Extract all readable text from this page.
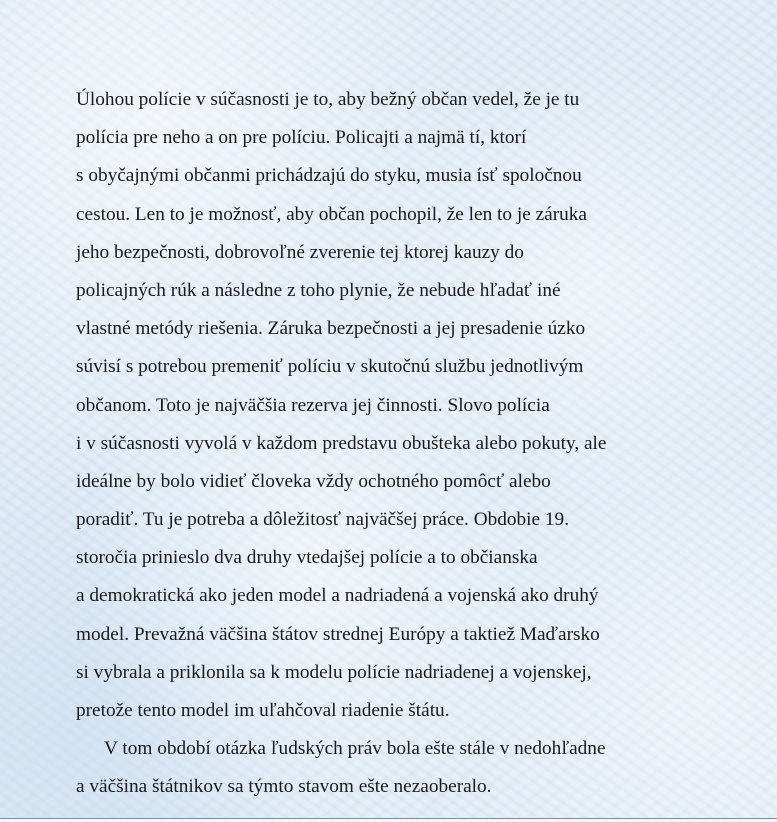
Úlohou polície v súčasnosti je to, aby bežný občan vedel, že je tu
polícia pre neho a on pre políciu. Policajti a najmä tí, ktorí
s obyčajnými občanmi prichádzajú do styku, musia ísť spoločnou
cestou. Len to je možnosť, aby občan pochopil, že len to je záruka
jeho bezpečnosti, dobrovoľné zverenie tej ktorej kauzy do
policajných rúk a následne z toho plynie, že nebude hľadať iné
vlastné metódy riešenia. Záruka bezpečnosti a jej presadenie úzko
súvisí s potrebou premeniť políciu v skutočnú službu jednotlivým
občanom. Toto je najväčšia rezerva jej činnosti. Slovo polícia
i v súčasnosti vyvolá v každom predstavu obušteka alebo pokuty, ale
ideálne by bolo vidieť človeka vždy ochotného pomôcť alebo
poradiť. Tu je potreba a dôležitosť najväčšej práce. Obdobie 19.
storočia prinieslo dva druhy vtedajšej polície a to občianska
a demokratická ako jeden model a nadriadená a vojenská ako druhý
model. Prevažná väčšina štátov strednej Európy a taktiež Maďarsko
si vybrala a priklonila sa k modelu polície nadriadenej a vojenskej,
pretože tento model im uľahčoval riadenie štátu.
V tom období otázka ľudských práv bola ešte stále v nedohľadne
a väčšina štátnikov sa týmto stavom ešte nezaoberalo.
